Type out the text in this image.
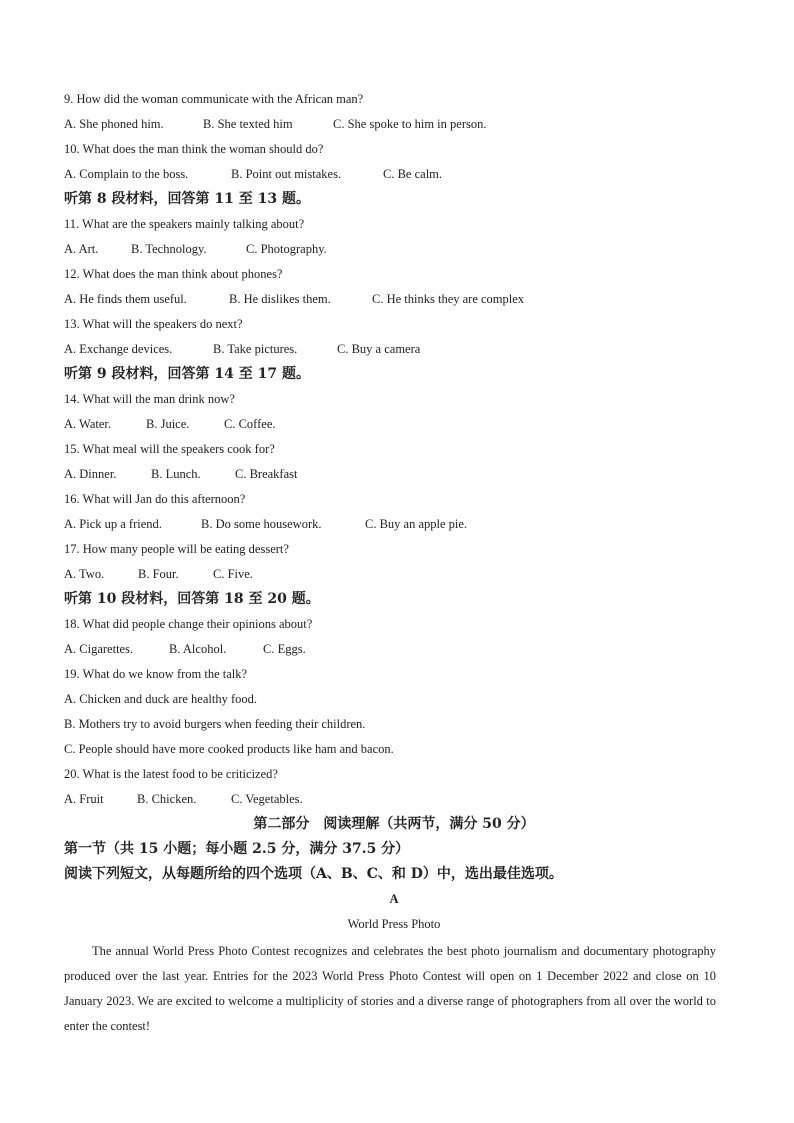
9. How did the woman communicate with the African man?
A. She phoned him.	B. She texted him	C. She spoke to him in person.
10. What does the man think the woman should do?
A. Complain to the boss.	B. Point out mistakes.	C. Be calm.
听第 8 段材料，回答第 11 至 13 题。
11. What are the speakers mainly talking about?
A. Art.	B. Technology.	C. Photography.
12. What does the man think about phones?
A. He finds them useful.	B. He dislikes them.	C. He thinks they are complex
13. What will the speakers do next?
A. Exchange devices.	B. Take pictures.	C. Buy a camera
听第 9 段材料，回答第 14 至 17 题。
14. What will the man drink now?
A. Water.	B. Juice.	C. Coffee.
15. What meal will the speakers cook for?
A. Dinner.	B. Lunch.	C. Breakfast
16. What will Jan do this afternoon?
A. Pick up a friend.	B. Do some housework.	C. Buy an apple pie.
17. How many people will be eating dessert?
A. Two.	B. Four.	C. Five.
听第 10 段材料，回答第 18 至 20 题。
18. What did people change their opinions about?
A. Cigarettes.	B. Alcohol.	C. Eggs.
19. What do we know from the talk?
A. Chicken and duck are healthy food.
B. Mothers try to avoid burgers when feeding their children.
C. People should have more cooked products like ham and bacon.
20. What is the latest food to be criticized?
A. Fruit	B. Chicken.	C. Vegetables.
第二部分　阅读理解（共两节，满分 50 分）
第一节（共 15 小题；每小题 2.5 分，满分 37.5 分）
阅读下列短文，从每题所给的四个选项（A、B、C、和 D）中，选出最佳选项。
A
World Press Photo
The annual World Press Photo Contest recognizes and celebrates the best photo journalism and documentary photography produced over the last year. Entries for the 2023 World Press Photo Contest will open on 1 December 2022 and close on 10 January 2023. We are excited to welcome a multiplicity of stories and a diverse range of photographers from all over the world to enter the contest!
